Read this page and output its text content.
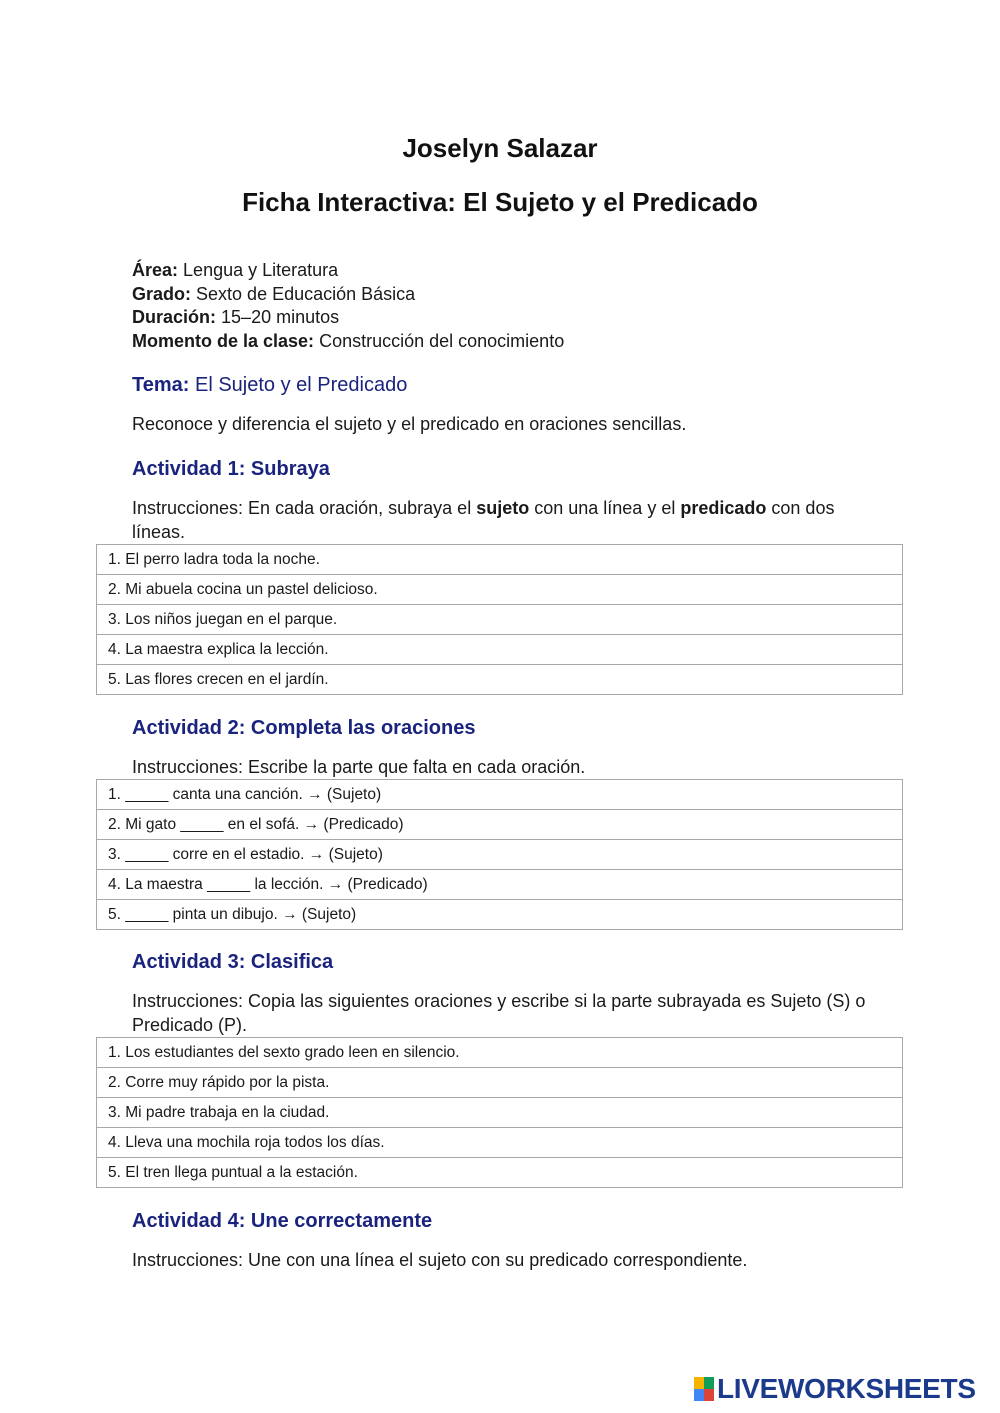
Joselyn Salazar
Ficha Interactiva: El Sujeto y el Predicado
Área: Lengua y Literatura
Grado: Sexto de Educación Básica
Duración: 15–20 minutos
Momento de la clase: Construcción del conocimiento
Tema: El Sujeto y el Predicado
Reconoce y diferencia el sujeto y el predicado en oraciones sencillas.
Actividad 1: Subraya
Instrucciones: En cada oración, subraya el sujeto con una línea y el predicado con dos líneas.
1. El perro ladra toda la noche.
2. Mi abuela cocina un pastel delicioso.
3. Los niños juegan en el parque.
4. La maestra explica la lección.
5. Las flores crecen en el jardín.
Actividad 2: Completa las oraciones
Instrucciones: Escribe la parte que falta en cada oración.
1. _____ canta una canción. → (Sujeto)
2. Mi gato _____ en el sofá. → (Predicado)
3. _____ corre en el estadio. → (Sujeto)
4. La maestra _____ la lección. → (Predicado)
5. _____ pinta un dibujo. → (Sujeto)
Actividad 3: Clasifica
Instrucciones: Copia las siguientes oraciones y escribe si la parte subrayada es Sujeto (S) o Predicado (P).
1. Los estudiantes del sexto grado leen en silencio.
2. Corre muy rápido por la pista.
3. Mi padre trabaja en la ciudad.
4. Lleva una mochila roja todos los días.
5. El tren llega puntual a la estación.
Actividad 4: Une correctamente
Instrucciones: Une con una línea el sujeto con su predicado correspondiente.
LIVEWORKSHEETS
